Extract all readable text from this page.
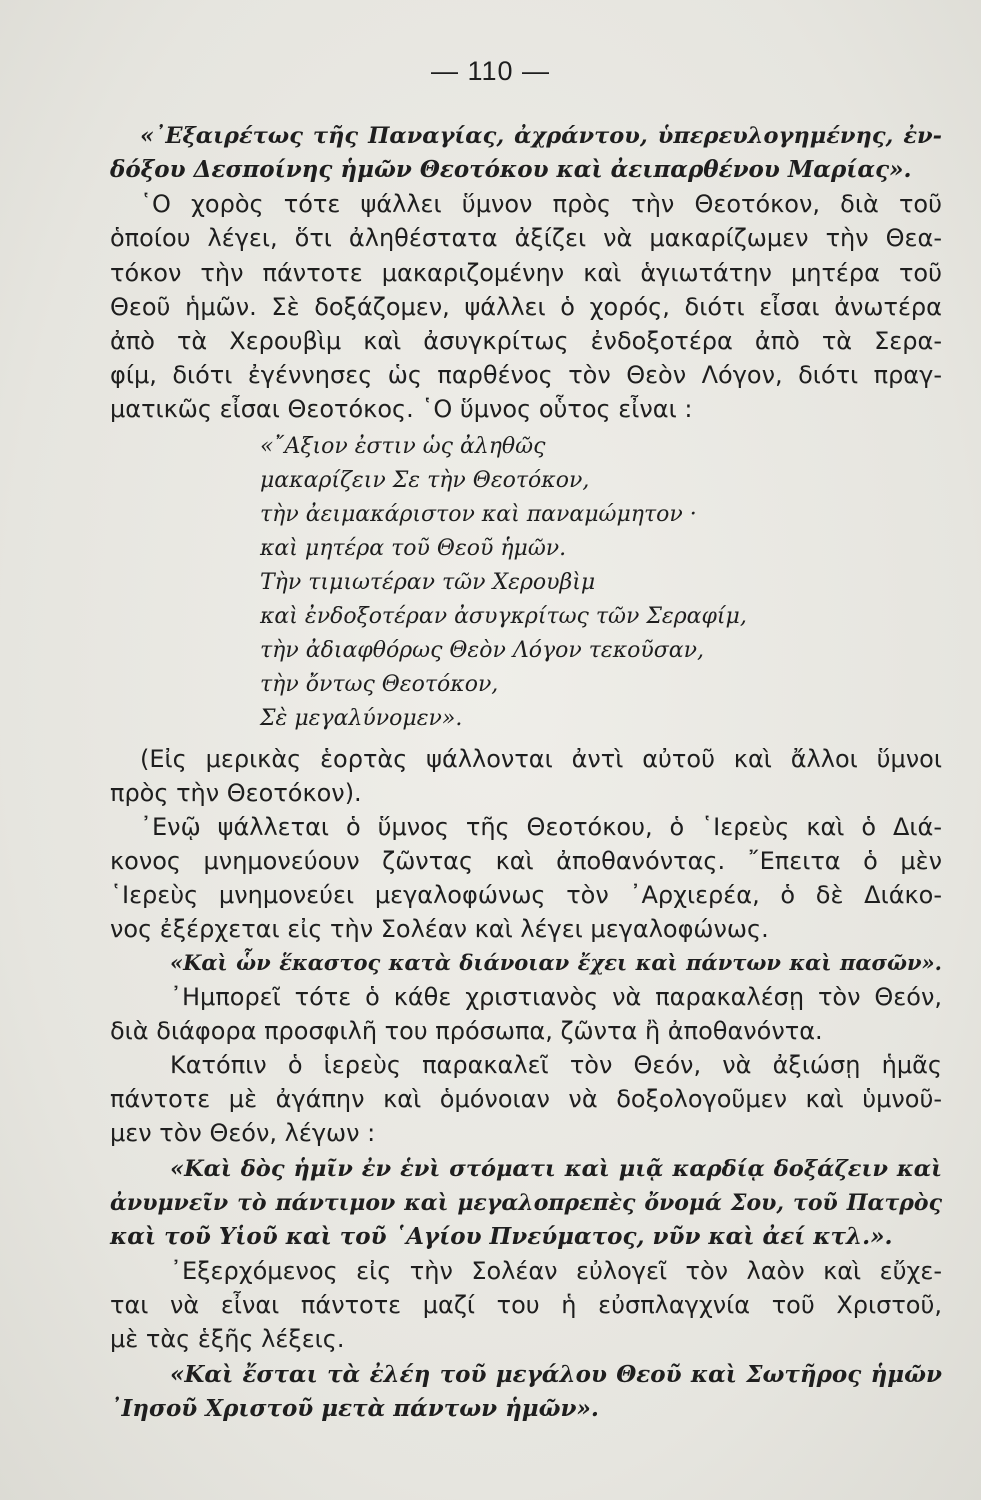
— 110 —
«᾿Εξαιρέτως τῆς Παναγίας, ἀχράντου, ὑπερευλογημένης, ἐν-
δόξου Δεσποίνης ἡμῶν Θεοτόκου καὶ ἀειπαρθένου Μαρίας».
῾Ο χορὸς τότε ψάλλει ὕμνον πρὸς τὴν Θεοτόκον, διὰ τοῦ
ὁποίου λέγει, ὅτι ἀληθέστατα ἀξίζει νὰ μακαρίζωμεν τὴν Θεα-
τόκον τὴν πάντοτε μακαριζομένην καὶ ἁγιωτάτην μητέρα τοῦ
Θεοῦ ἡμῶν. Σὲ δοξάζομεν, ψάλλει ὁ χορός, διότι εἶσαι ἀνωτέρα
ἀπὸ τὰ Χερουβὶμ καὶ ἀσυγκρίτως ἐνδοξοτέρα ἀπὸ τὰ Σερα-
φίμ, διότι ἐγέννησες ὡς παρθένος τὸν Θεὸν Λόγον, διότι πραγ-
ματικῶς εἶσαι Θεοτόκος. ῾Ο ὕμνος οὗτος εἶναι :
«῎Αξιον ἐστιν ὡς ἀληθῶς
μακαρίζειν Σε τὴν Θεοτόκον,
τὴν ἀειμακάριστον καὶ παναμώμητον ·
καὶ μητέρα τοῦ Θεοῦ ἡμῶν.
Τὴν τιμιωτέραν τῶν Χερουβὶμ
καὶ ἐνδοξοτέραν ἀσυγκρίτως τῶν Σεραφίμ,
τὴν ἀδιαφθόρως Θεὸν Λόγον τεκοῦσαν,
τὴν ὄντως Θεοτόκον,
Σὲ μεγαλύνομεν».
(Εἰς μερικὰς ἑορτὰς ψάλλονται ἀντὶ αὐτοῦ καὶ ἄλλοι ὕμνοι
πρὸς τὴν Θεοτόκον).
᾿Ενῷ ψάλλεται ὁ ὕμνος τῆς Θεοτόκου, ὁ ῾Ιερεὺς καὶ ὁ Διά-
κονος μνημονεύουν ζῶντας καὶ ἀποθανόντας. ῎Επειτα ὁ μὲν
῾Ιερεὺς μνημονεύει μεγαλοφώνως τὸν ᾿Αρχιερέα, ὁ δὲ Διάκο-
νος ἐξέρχεται εἰς τὴν Σολέαν καὶ λέγει μεγαλοφώνως.
«Καὶ ὧν ἕκαστος κατὰ διάνοιαν ἔχει καὶ πάντων καὶ πασῶν».
᾿Ημπορεῖ τότε ὁ κάθε χριστιανὸς νὰ παρακαλέσῃ τὸν Θεόν,
διὰ διάφορα προσφιλῆ του πρόσωπα, ζῶντα ἢ ἀποθανόντα.
Κατόπιν ὁ ἱερεὺς παρακαλεῖ τὸν Θεόν, νὰ ἀξιώσῃ ἡμᾶς
πάντοτε μὲ ἀγάπην καὶ ὁμόνοιαν νὰ δοξολογοῦμεν καὶ ὑμνοῦ-
μεν τὸν Θεόν, λέγων :
«Καὶ δὸς ἡμῖν ἐν ἑνὶ στόματι καὶ μιᾷ καρδίᾳ δοξάζειν καὶ
ἀνυμνεῖν τὸ πάντιμον καὶ μεγαλοπρεπὲς ὄνομά Σου, τοῦ Πατρὸς
καὶ τοῦ Υἱοῦ καὶ τοῦ ῾Αγίου Πνεύματος, νῦν καὶ ἀεί κτλ.».
᾿Εξερχόμενος εἰς τὴν Σολέαν εὐλογεῖ τὸν λαὸν καὶ εὔχε-
ται νὰ εἶναι πάντοτε μαζί του ἡ εὐσπλαγχνία τοῦ Χριστοῦ,
μὲ τὰς ἑξῆς λέξεις.
«Καὶ ἔσται τὰ ἐλέη τοῦ μεγάλου Θεοῦ καὶ Σωτῆρος ἡμῶν
᾿Ιησοῦ Χριστοῦ μετὰ πάντων ἡμῶν».
